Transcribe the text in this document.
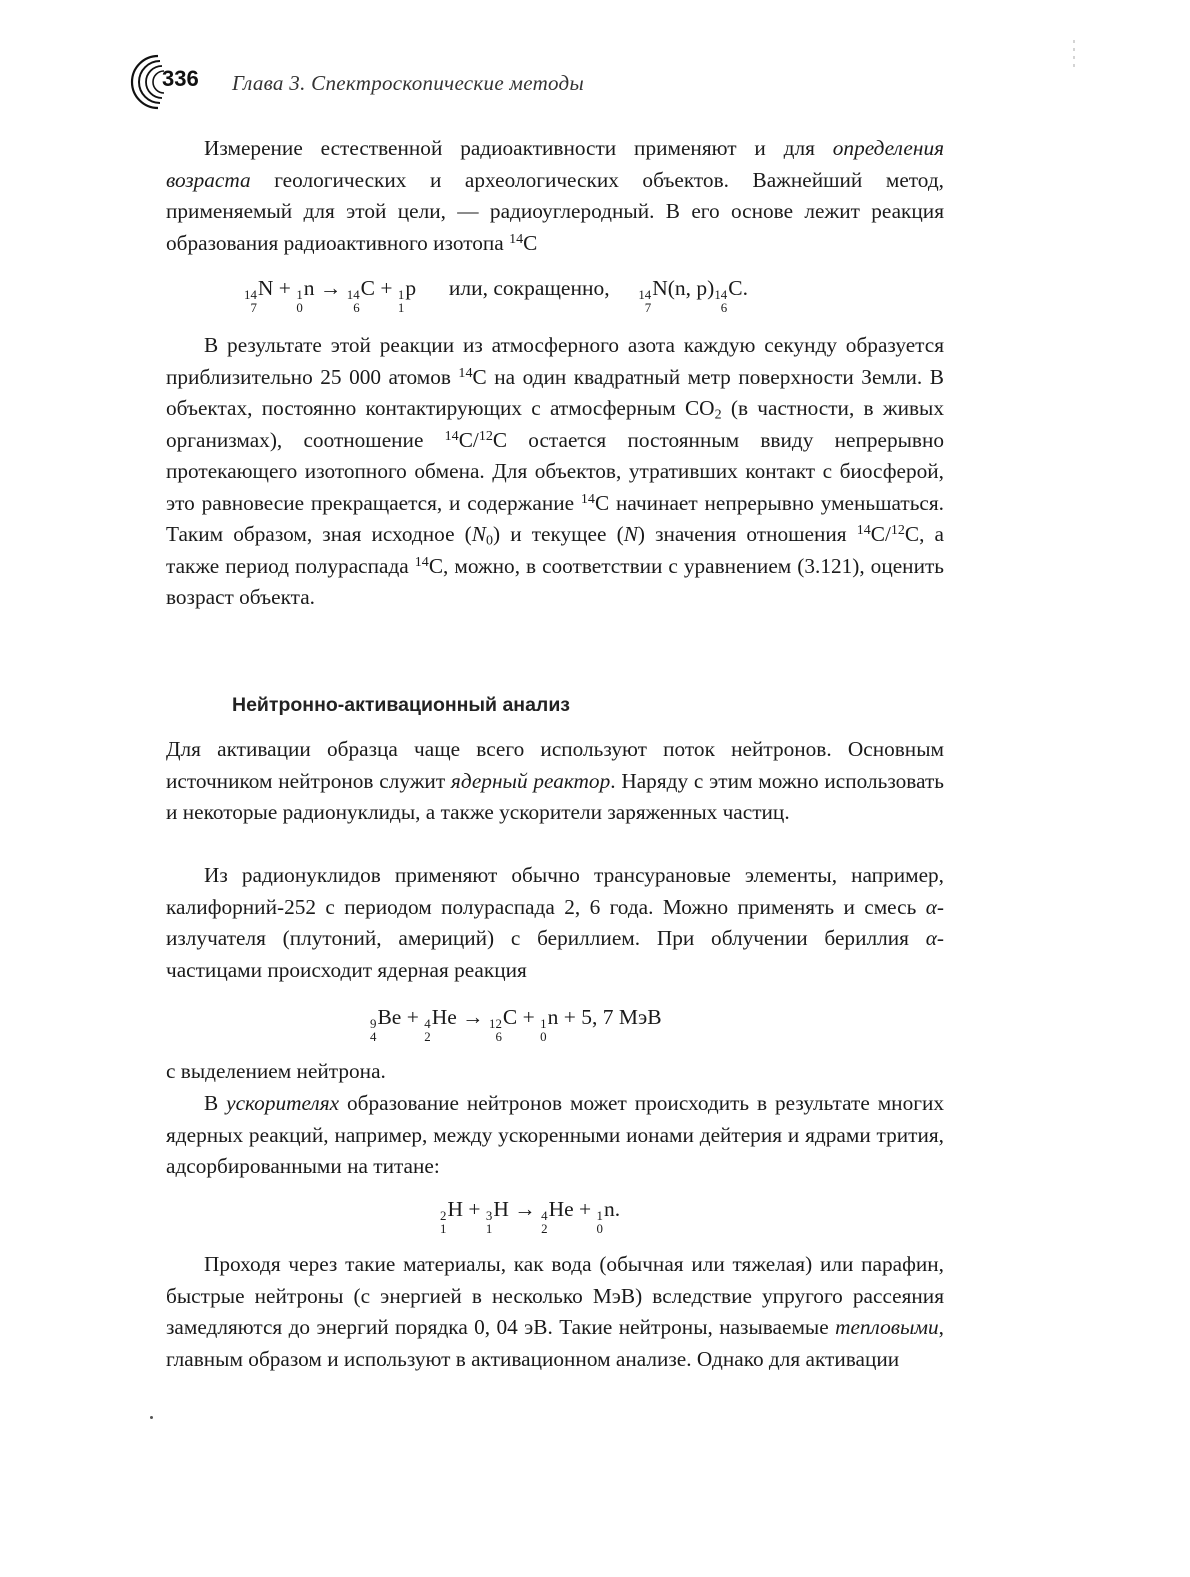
336 Глава 3. Спектроскопические методы

Измерение естественной радиоактивности применяют и для определения возраста геологических и археологических объектов. Важнейший метод, применяемый для этой цели, — радиоуглеродный. В его основе лежит реакция образования радиоактивного изотопа $^{14}$C

14
7
N + 1
0
n → 14
6
C + 1
1
p или, сокращенно, 14
7
N(n, p) 14
6
C.

В результате этой реакции из атмосферного азота каждую секунду образуется приблизительно 25 000 атомов $^{14}$C на один квадратный метр поверхности Земли. В объектах, постоянно контактирующих с атмосферным $CO_2$ (в частности, в живых организмах), соотношение $^{14}$C/$^{12}$C остается постоянным ввиду непрерывно протекающего изотопного обмена. Для объектов, утративших контакт с биосферой, это равновесие прекращается, и содержание $^{14}$C начинает непрерывно уменьшаться. Таким образом, зная исходное $(N_0)$ и текущее (N) значения отношения $^{14}$C/$^{12}$C, а также период полураспада $^{14}$C, можно, в соответствии с уравнением (3.121), оценить возраст объекта.

Нейтронно-активационный анализ

Для активации образца чаще всего используют поток нейтронов. Основным источником нейтронов служит ядерный реактор. Наряду с этим можно использовать и некоторые радионуклиды, а также ускорители заряженных частиц.

Из радионуклидов применяют обычно трансурановые элементы, например, калифорний-252 с периодом полураспада 2, 6 года. Можно применять и смесь α-излучателя (плутоний, америций) с бериллием. При облучении бериллия α-частицами происходит ядерная реакция

9
4
Be + 4
2
He → 12
6
C + 1
0
n + 5, 7 МэВ

с выделением нейтрона.

В ускорителях образование нейтронов может происходить в результате многих ядерных реакций, например, между ускоренными ионами дейтерия и ядрами трития, адсорбированными на титане:

2
1
H + 3
1
H → 4
2
He + 1
0
n.

Проходя через такие материалы, как вода (обычная или тяжелая) или парафин, быстрые нейтроны (с энергией в несколько МэВ) вследствие упругого рассеяния замедляются до энергий порядка 0, 04 эВ. Такие нейтроны, называемые тепловыми, главным образом и используют в активационном анализе. Однако для активации
